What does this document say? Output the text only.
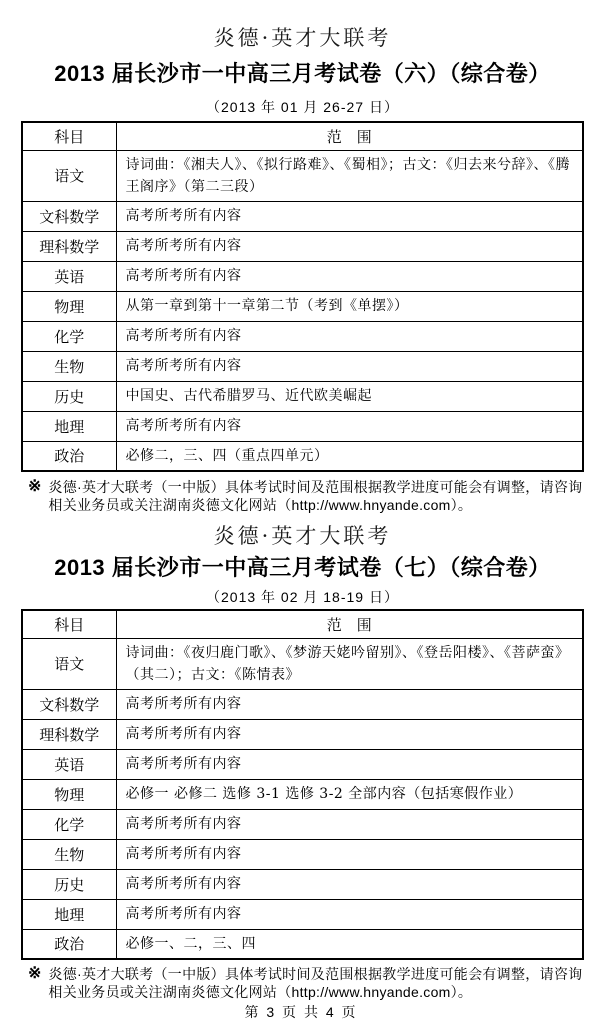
炎德·英才大联考
2013 届长沙市一中高三月考试卷（六）（综合卷）
（2013 年 01 月 26-27 日）
科目	范　围
语文	诗词曲：《湘夫人》、《拟行路难》、《蜀相》；古文：《归去来兮辞》、《腾王阁序》（第二三段）
文科数学	高考所考所有内容
理科数学	高考所考所有内容
英语	高考所考所有内容
物理	从第一章到第十一章第二节（考到《单摆》）
化学	高考所考所有内容
生物	高考所考所有内容
历史	中国史、古代希腊罗马、近代欧美崛起
地理	高考所考所有内容
政治	必修二，三、四（重点四单元）
※ 炎德·英才大联考（一中版）具体考试时间及范围根据教学进度可能会有调整，请咨询相关业务员或关注湖南炎德文化网站（http://www.hnyande.com）。

炎德·英才大联考
2013 届长沙市一中高三月考试卷（七）（综合卷）
（2013 年 02 月 18-19 日）
科目	范　围
语文	诗词曲：《夜归鹿门歌》、《梦游天姥吟留别》、《登岳阳楼》、《菩萨蛮》（其二）；古文：《陈情表》
文科数学	高考所考所有内容
理科数学	高考所考所有内容
英语	高考所考所有内容
物理	必修一 必修二 选修 3-1 选修 3-2 全部内容（包括寒假作业）
化学	高考所考所有内容
生物	高考所考所有内容
历史	高考所考所有内容
地理	高考所考所有内容
政治	必修一、二，三、四
※ 炎德·英才大联考（一中版）具体考试时间及范围根据教学进度可能会有调整，请咨询相关业务员或关注湖南炎德文化网站（http://www.hnyande.com）。

第 3 页 共 4 页
